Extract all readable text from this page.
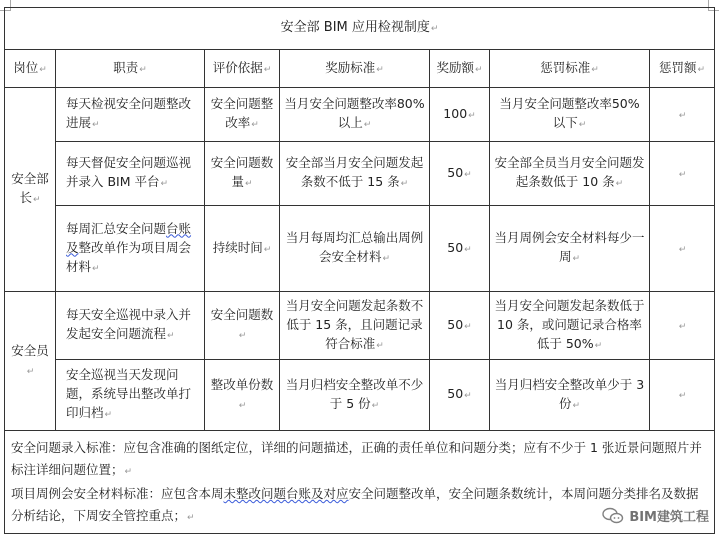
安全部 BIM 应用检视制度↵						
岗位↵	职责↵	评价依据↵	奖励标准↵	奖励额↵	惩罚标准↵	惩罚额↵
安全部长↵	每天检视安全问题整改进展↵	安全问题整改率↵	当月安全问题整改率80%以上↵	100↵	当月安全问题整改率50%以下↵	↵
	每天督促安全问题巡视并录入 BIM 平台↵	安全问题数量↵	安全部当月安全问题发起条数不低于 15 条↵	50↵	安全部全员当月安全问题发起条数低于 10 条↵	↵
	每周汇总安全问题台账及整改单作为项目周会材料↵	持续时间↵	当月每周均汇总输出周例会安全材料↵	50↵	当月周例会安全材料每少一周↵	↵
安全员↵	每天安全巡视中录入并发起安全问题流程↵	安全问题数↵	当月安全问题发起条数不低于 15 条，且问题记录符合标准↵	50↵	当月安全问题发起条数低于 10 条，或问题记录合格率低于 50%↵	↵
	安全巡视当天发现问题，系统导出整改单打印归档↵	整改单份数↵	当月归档安全整改单不少于 5 份↵	50↵	当月归档安全整改单少于 3 份↵	↵

安全问题录入标准：应包含准确的图纸定位，详细的问题描述，正确的责任单位和问题分类；应有不少于 1 张近景问题照片并标注详细问题位置；↵

项目周例会安全材料标准：应包含本周未整改问题台账及对应安全问题整改单，安全问题条数统计，本周问题分类排名及数据分析结论，下周安全管控重点；↵							BIM建筑工程
